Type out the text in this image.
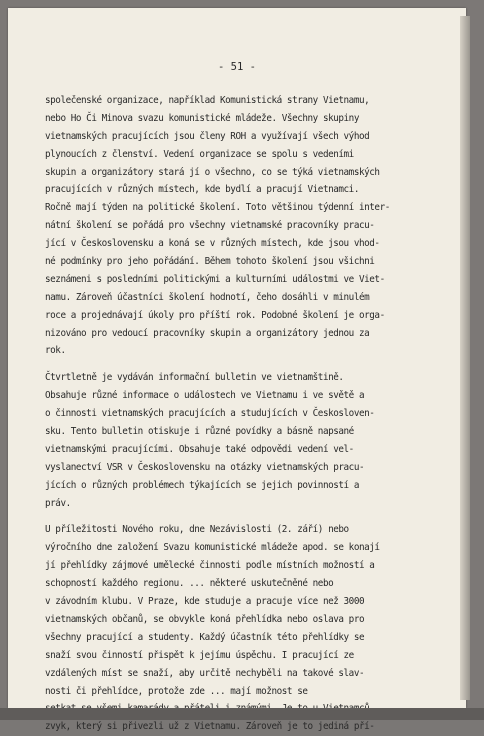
- 51 -
společenské organizace, například Komunistická strany Vietnamu,
nebo Ho Či Minova svazu komunistické mládeže. Všechny skupiny
vietnamských pracujících jsou členy ROH a využívají všech výhod
plynoucích z členství. Vedení organizace se spolu s vedeními
skupin a organizátory stará jí o všechno, co se týká vietnamských
pracujících v různých místech, kde bydlí a pracují Vietnamci.
Ročně mají týden na politické školení. Toto většinou týdenní inter-
nátní školení se pořádá pro všechny vietnamské pracovníky pracu-
jící v Československu a koná se v různých místech, kde jsou vhod-
né podmínky pro jeho pořádání. Během tohoto školení jsou všichni
seznámeni s posledními politickými a kulturními událostmi ve Viet-
namu. Zároveň účastníci školení hodnotí, čeho dosáhli v minulém
roce a projednávají úkoly pro příští rok. Podobné školení je orga-
nizováno pro vedoucí pracovníky skupin a organizátory jednou za
rok.
Čtvrtletně je vydáván informační bulletin ve vietnamštině.
Obsahuje různé informace o událostech ve Vietnamu i ve světě a
o činnosti vietnamských pracujících a studujících v Českosloven-
sku. Tento bulletin otiskuje i různé povídky a básně napsané
vietnamskými pracujícími. Obsahuje také odpovědi vedení vel-
vyslanectví VSR v Československu na otázky vietnamských pracu-
jících o různých problémech týkajících se jejich povinností a
práv.
U příležitosti Nového roku, dne Nezávislosti (2. září) nebo
výročního dne založení Svazu komunistické mládeže apod. se konají
jí přehlídky zájmové umělecké činnosti podle místních možností a
schopností každého regionu. ... některé uskutečněné nebo
v závodním klubu. V Praze, kde studuje a pracuje více než 3000
vietnamských občanů, se obvykle koná přehlídka nebo oslava pro
všechny pracující a studenty. Každý účastník této přehlídky se
snaží svou činností přispět k jejímu úspěchu. I pracující ze
vzdálených míst se snaží, aby určitě nechyběli na takové slav-
nosti či přehlídce, protože zde ... mají možnost se
setkat se všemi kamarády a přáteli i známými. Je to u Vietnamců
